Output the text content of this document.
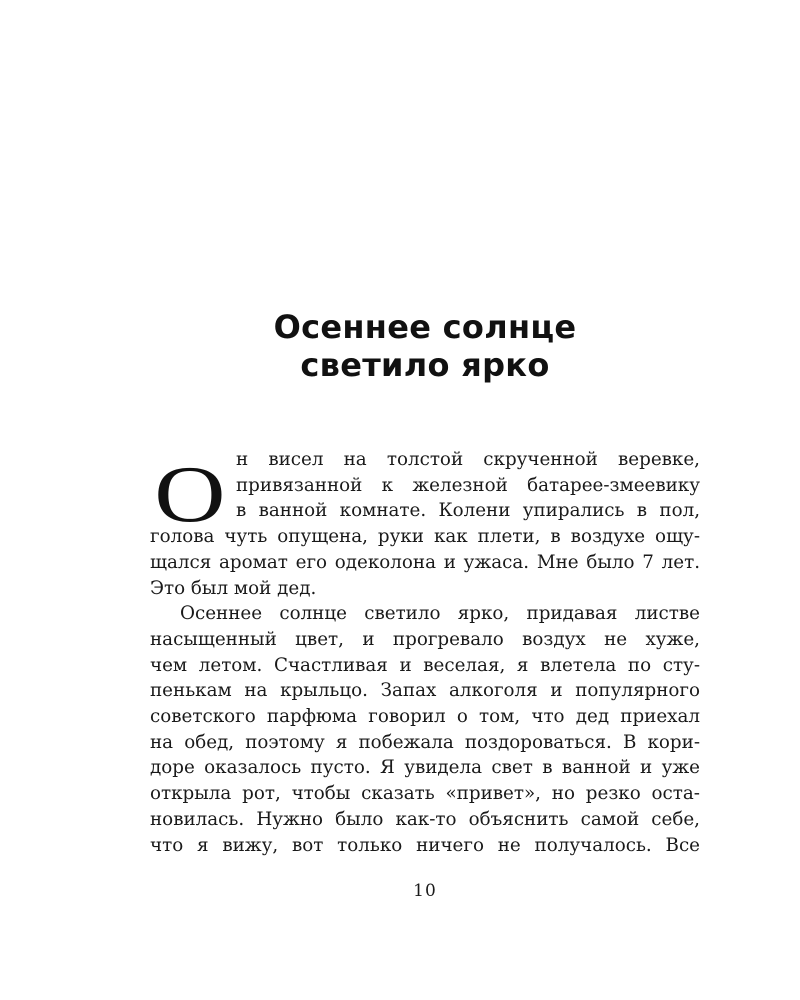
Осеннее солнце
светило ярко
О н висел на толстой скрученной веревке,
привязанной к железной батарее-змеевику
в ванной комнате. Колени упирались в пол,
голова чуть опущена, руки как плети, в воздухе ощу-
щался аромат его одеколона и ужаса. Мне было 7 лет.
Это был мой дед.
Осеннее солнце светило ярко, придавая листве
насыщенный цвет, и прогревало воздух не хуже,
чем летом. Счастливая и веселая, я влетела по сту-
пенькам на крыльцо. Запах алкоголя и популярного
советского парфюма говорил о том, что дед приехал
на обед, поэтому я побежала поздороваться. В кори-
доре оказалось пусто. Я увидела свет в ванной и уже
открыла рот, чтобы сказать «привет», но резко оста-
новилась. Нужно было как-то объяснить самой себе,
что я вижу, вот только ничего не получалось. Все
10
